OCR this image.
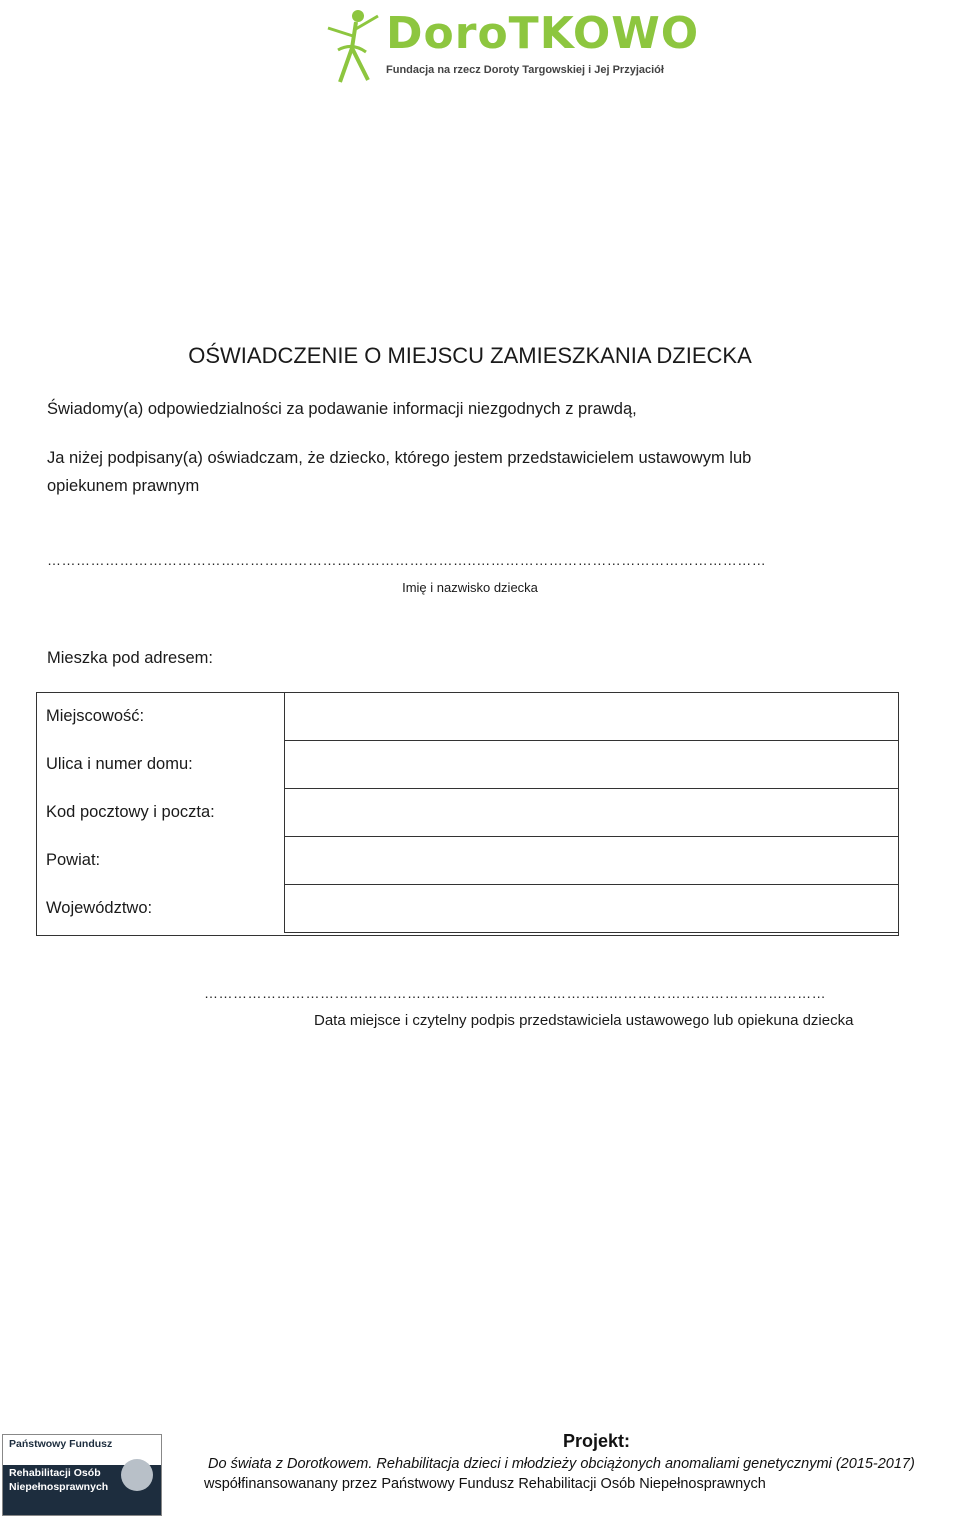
DoroTKOWO
Fundacja na rzecz Doroty Targowskiej i Jej Przyjaciół
OŚWIADCZENIE O MIEJSCU ZAMIESZKANIA DZIECKA
Świadomy(a) odpowiedzialności za podawanie informacji niezgodnych z prawdą,
Ja niżej podpisany(a) oświadczam, że dziecko, którego jestem przedstawicielem ustawowym lub
opiekunem prawnym
……………………………………………………………………………..……………………………………………………
Imię i nazwisko dziecka
Mieszka pod adresem:
Miejscowość:	
Ulica i numer domu:	
Kod pocztowy i poczta:	
Powiat:	
Województwo:	
………………………………………………………………………...………………………………………
Data miejsce i czytelny podpis przedstawiciela ustawowego lub opiekuna dziecka
Państwowy Fundusz
Rehabilitacji Osób
Niepełnosprawnych
Projekt:
Do świata z Dorotkowem. Rehabilitacja dzieci i młodzieży obciążonych anomaliami genetycznymi (2015-2017)
współfinansowanany przez Państwowy Fundusz Rehabilitacji Osób Niepełnosprawnych
